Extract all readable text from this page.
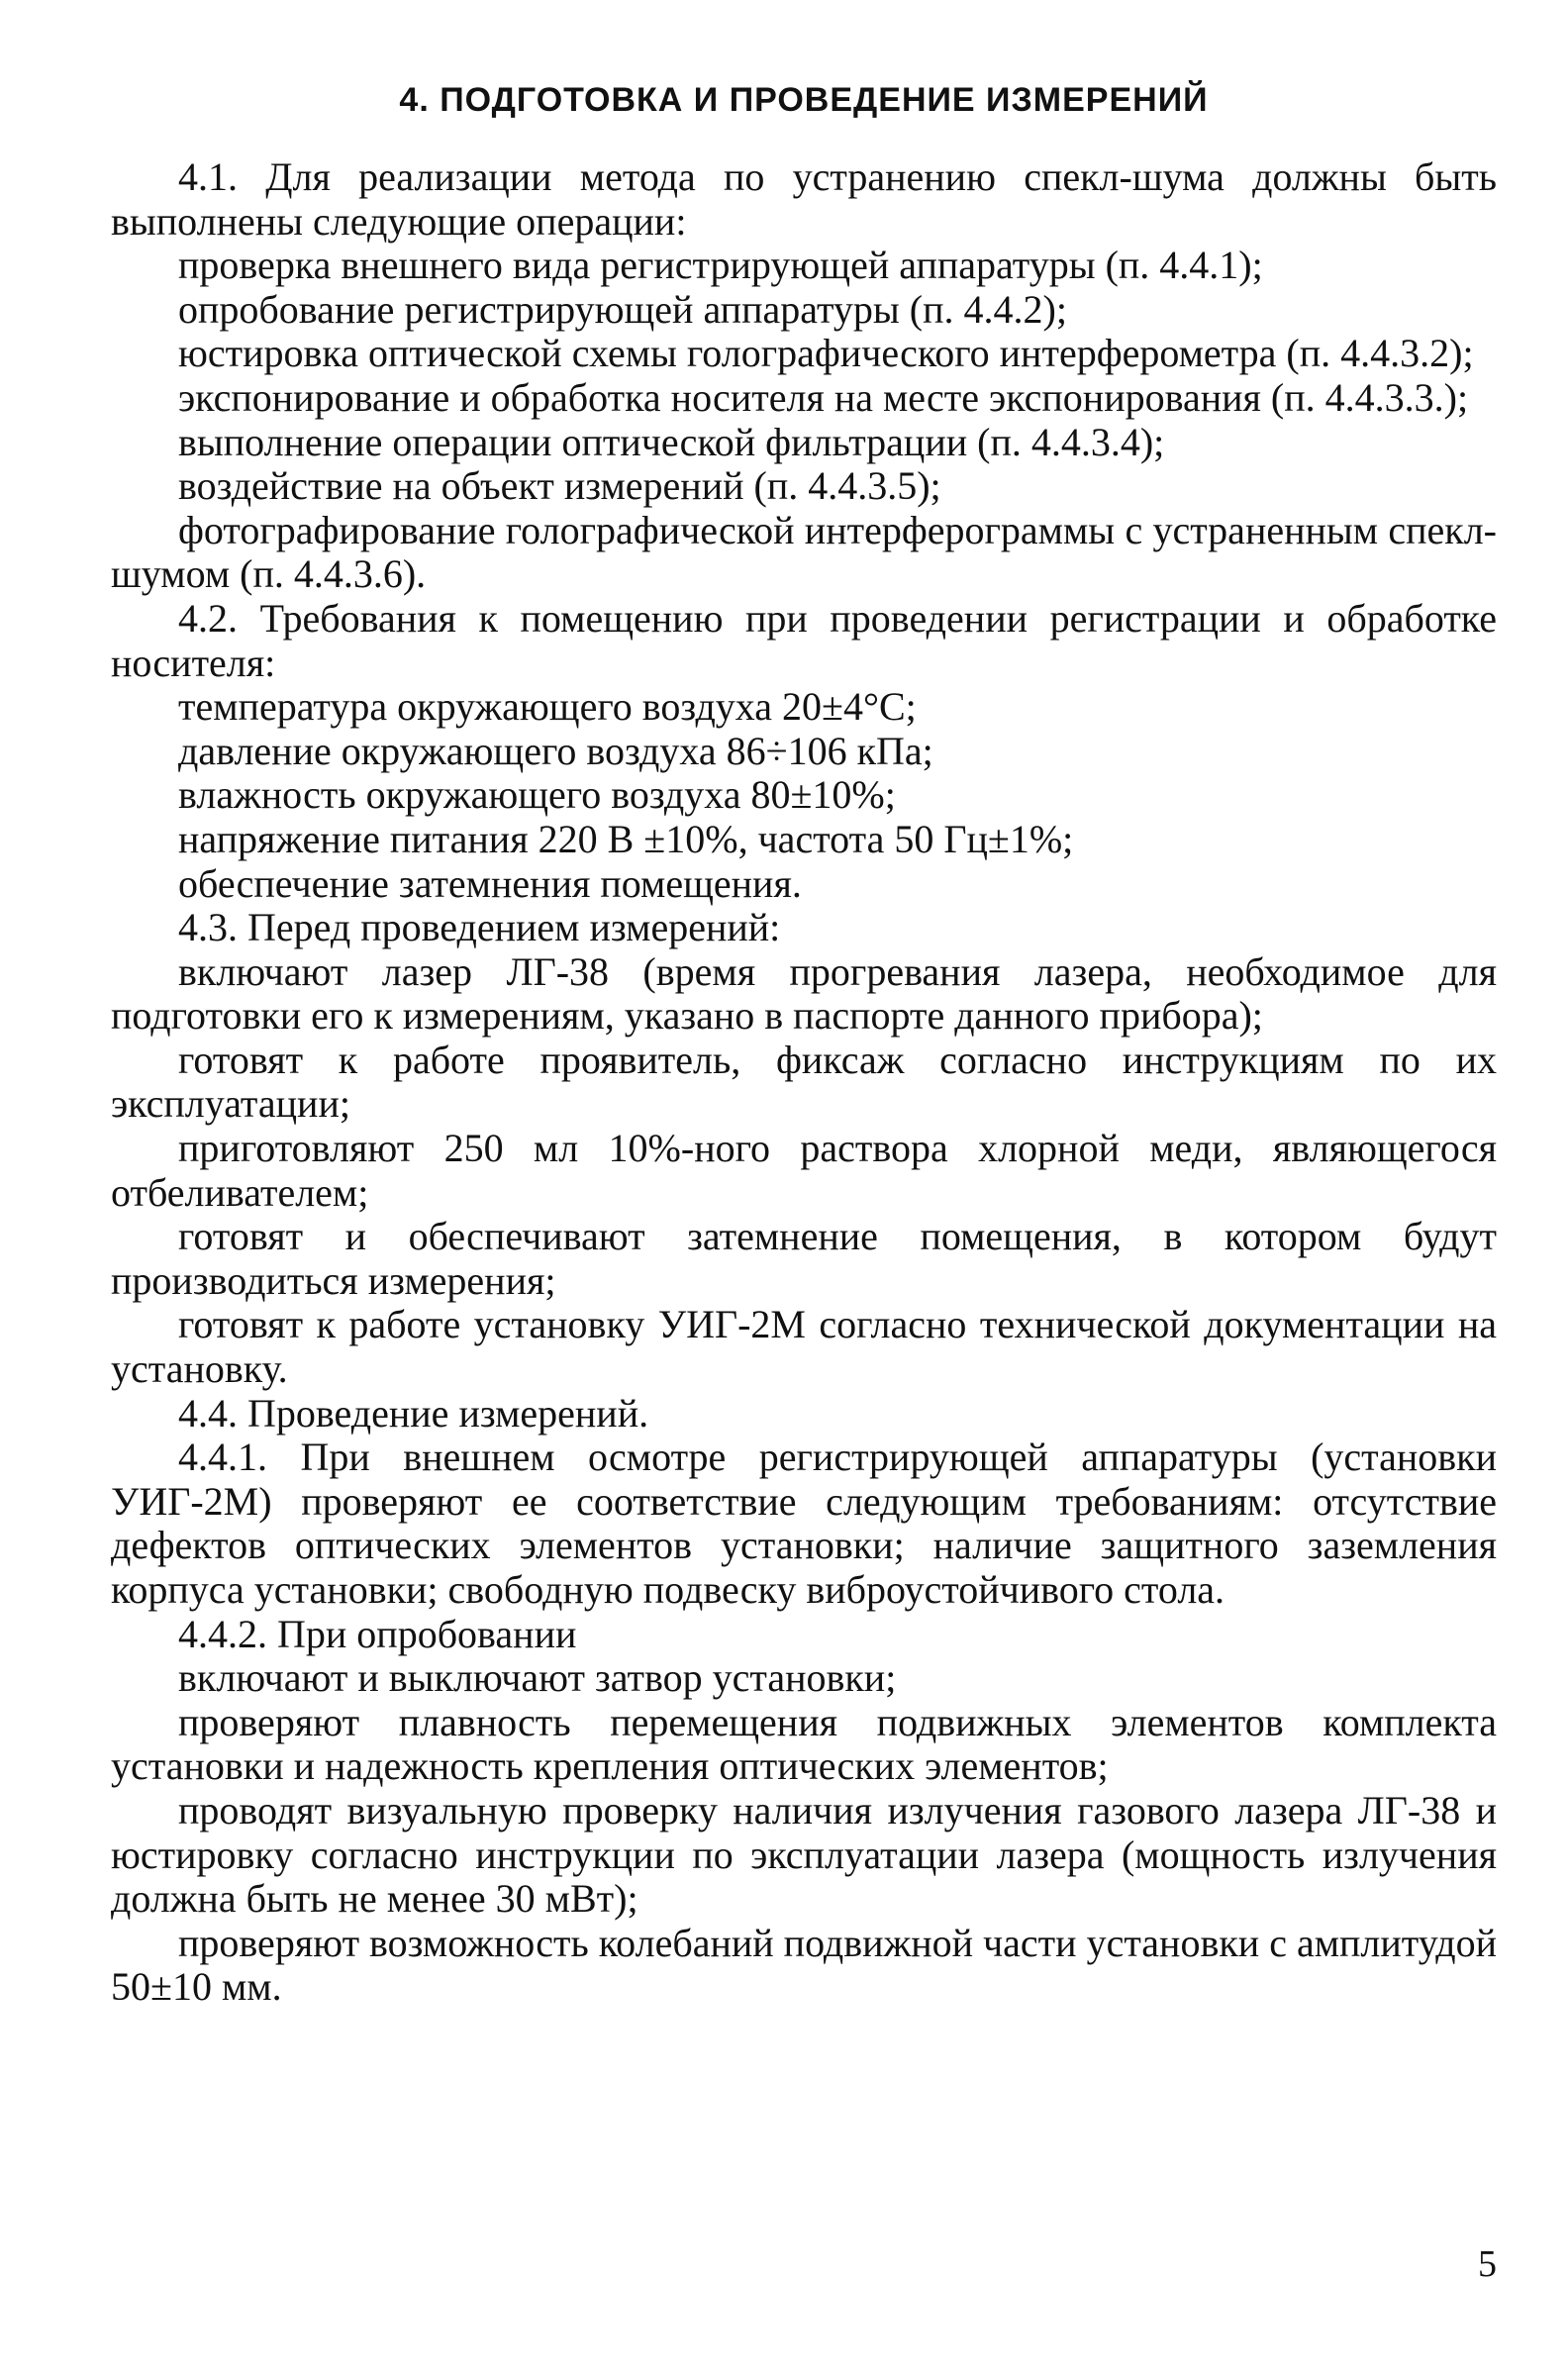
4. ПОДГОТОВКА И ПРОВЕДЕНИЕ ИЗМЕРЕНИЙ

4.1. Для реализации метода по устранению спекл-шума должны быть выполнены следующие операции:

проверка внешнего вида регистрирующей аппаратуры (п. 4.4.1);

опробование регистрирующей аппаратуры (п. 4.4.2);

юстировка оптической схемы голографического интерферометра (п. 4.4.3.2);

экспонирование и обработка носителя на месте экспонирования (п. 4.4.3.3.);

выполнение операции оптической фильтрации (п. 4.4.3.4);

воздействие на объект измерений (п. 4.4.3.5);

фотографирование голографической интерферограммы с устраненным спекл-шумом (п. 4.4.3.6).

4.2. Требования к помещению при проведении регистрации и обработке носителя:

температура окружающего воздуха 20±4°С;

давление окружающего воздуха 86÷106 кПа;

влажность окружающего воздуха 80±10%;

напряжение питания 220 В ±10%, частота 50 Гц±1%;

обеспечение затемнения помещения.

4.3. Перед проведением измерений:

включают лазер ЛГ-38 (время прогревания лазера, необходимое для подготовки его к измерениям, указано в паспорте данного прибора);

готовят к работе проявитель, фиксаж согласно инструкциям по их эксплуатации;

приготовляют 250 мл 10%-ного раствора хлорной меди, являющегося отбеливателем;

готовят и обеспечивают затемнение помещения, в котором будут производиться измерения;

готовят к работе установку УИГ-2М согласно технической документации на установку.

4.4. Проведение измерений.

4.4.1. При внешнем осмотре регистрирующей аппаратуры (установки УИГ-2М) проверяют ее соответствие следующим требованиям: отсутствие дефектов оптических элементов установки; наличие защитного заземления корпуса установки; свободную подвеску виброустойчивого стола.

4.4.2. При опробовании

включают и выключают затвор установки;

проверяют плавность перемещения подвижных элементов комплекта установки и надежность крепления оптических элементов;

проводят визуальную проверку наличия излучения газового лазера ЛГ-38 и юстировку согласно инструкции по эксплуатации лазера (мощность излучения должна быть не менее 30 мВт);

проверяют возможность колебаний подвижной части установки с амплитудой 50±10 мм.

5
